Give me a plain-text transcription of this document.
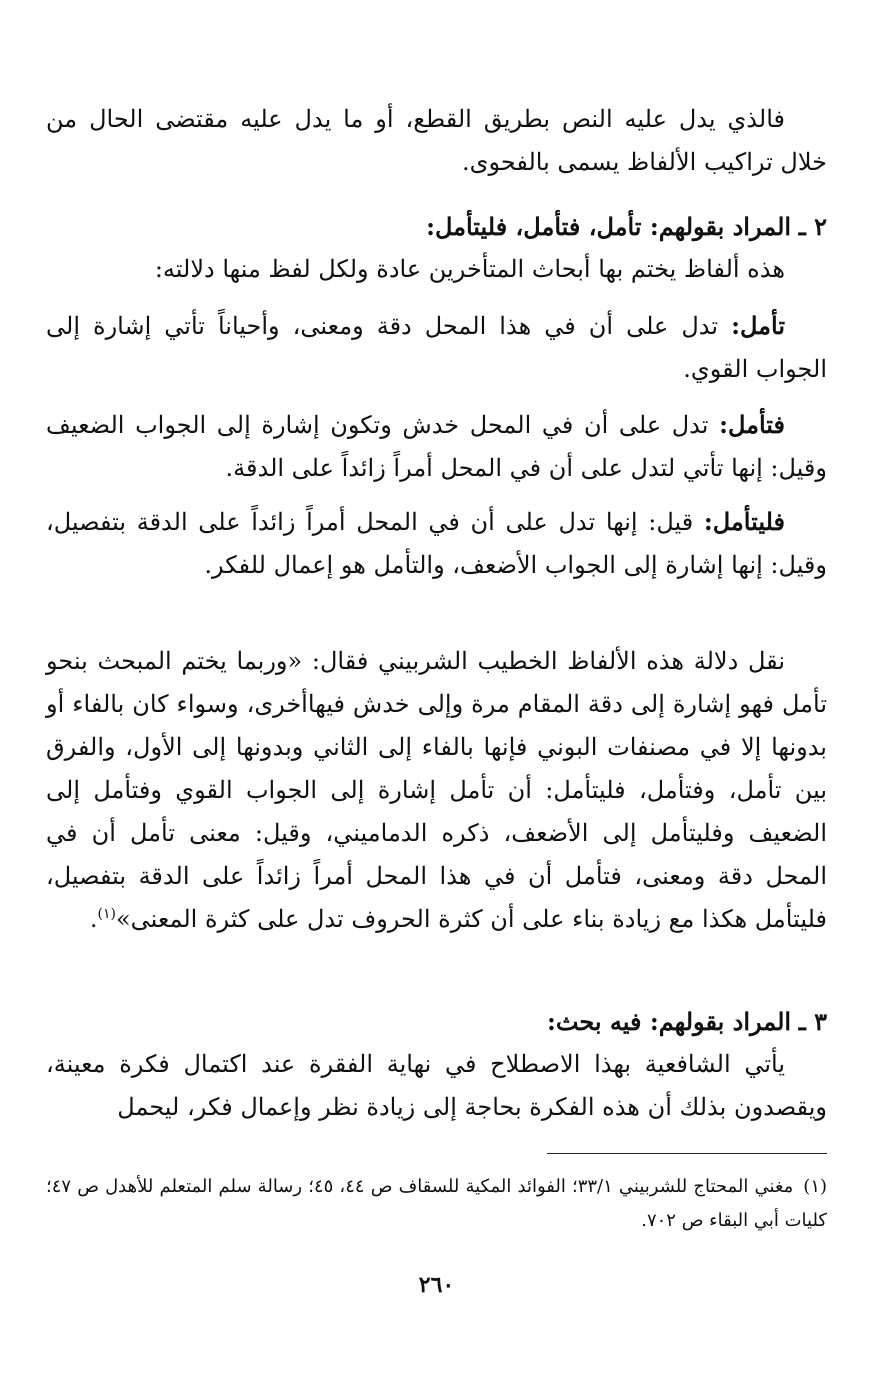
فالذي يدل عليه النص بطريق القطع، أو ما يدل عليه مقتضى الحال من خلال تراكيب الألفاظ يسمى بالفحوى.
٢ ـ المراد بقولهم: تأمل، فتأمل، فليتأمل:
هذه ألفاظ يختم بها أبحاث المتأخرين عادة ولكل لفظ منها دلالته:
تأمل: تدل على أن في هذا المحل دقة ومعنى، وأحياناً تأتي إشارة إلى الجواب القوي.
فتأمل: تدل على أن في المحل خدش وتكون إشارة إلى الجواب الضعيف وقيل: إنها تأتي لتدل على أن في المحل أمراً زائداً على الدقة.
فليتأمل: قيل: إنها تدل على أن في المحل أمراً زائداً على الدقة بتفصيل، وقيل: إنها إشارة إلى الجواب الأضعف، والتأمل هو إعمال للفكر.
نقل دلالة هذه الألفاظ الخطيب الشربيني فقال: «وربما يختم المبحث بنحو تأمل فهو إشارة إلى دقة المقام مرة وإلى خدش فيهاأخرى، وسواء كان بالفاء أو بدونها إلا في مصنفات البوني فإنها بالفاء إلى الثاني وبدونها إلى الأول، والفرق بين تأمل، وفتأمل، فليتأمل: أن تأمل إشارة إلى الجواب القوي وفتأمل إلى الضعيف وفليتأمل إلى الأضعف، ذكره الدماميني، وقيل: معنى تأمل أن في المحل دقة ومعنى، فتأمل أن في هذا المحل أمراً زائداً على الدقة بتفصيل، فليتأمل هكذا مع زيادة بناء على أن كثرة الحروف تدل على كثرة المعنى»$^{(١)}$.
٣ ـ المراد بقولهم: فيه بحث:
يأتي الشافعية بهذا الاصطلاح في نهاية الفقرة عند اكتمال فكرة معينة، ويقصدون بذلك أن هذه الفكرة بحاجة إلى زيادة نظر وإعمال فكر، ليحمل
(١)مغني المحتاج للشربيني ٣٣/١؛ الفوائد المكية للسقاف ص ٤٤، ٤٥؛ رسالة سلم المتعلم للأهدل ص ٤٧؛ كليات أبي البقاء ص ٧٠٢.
٢٦٠
